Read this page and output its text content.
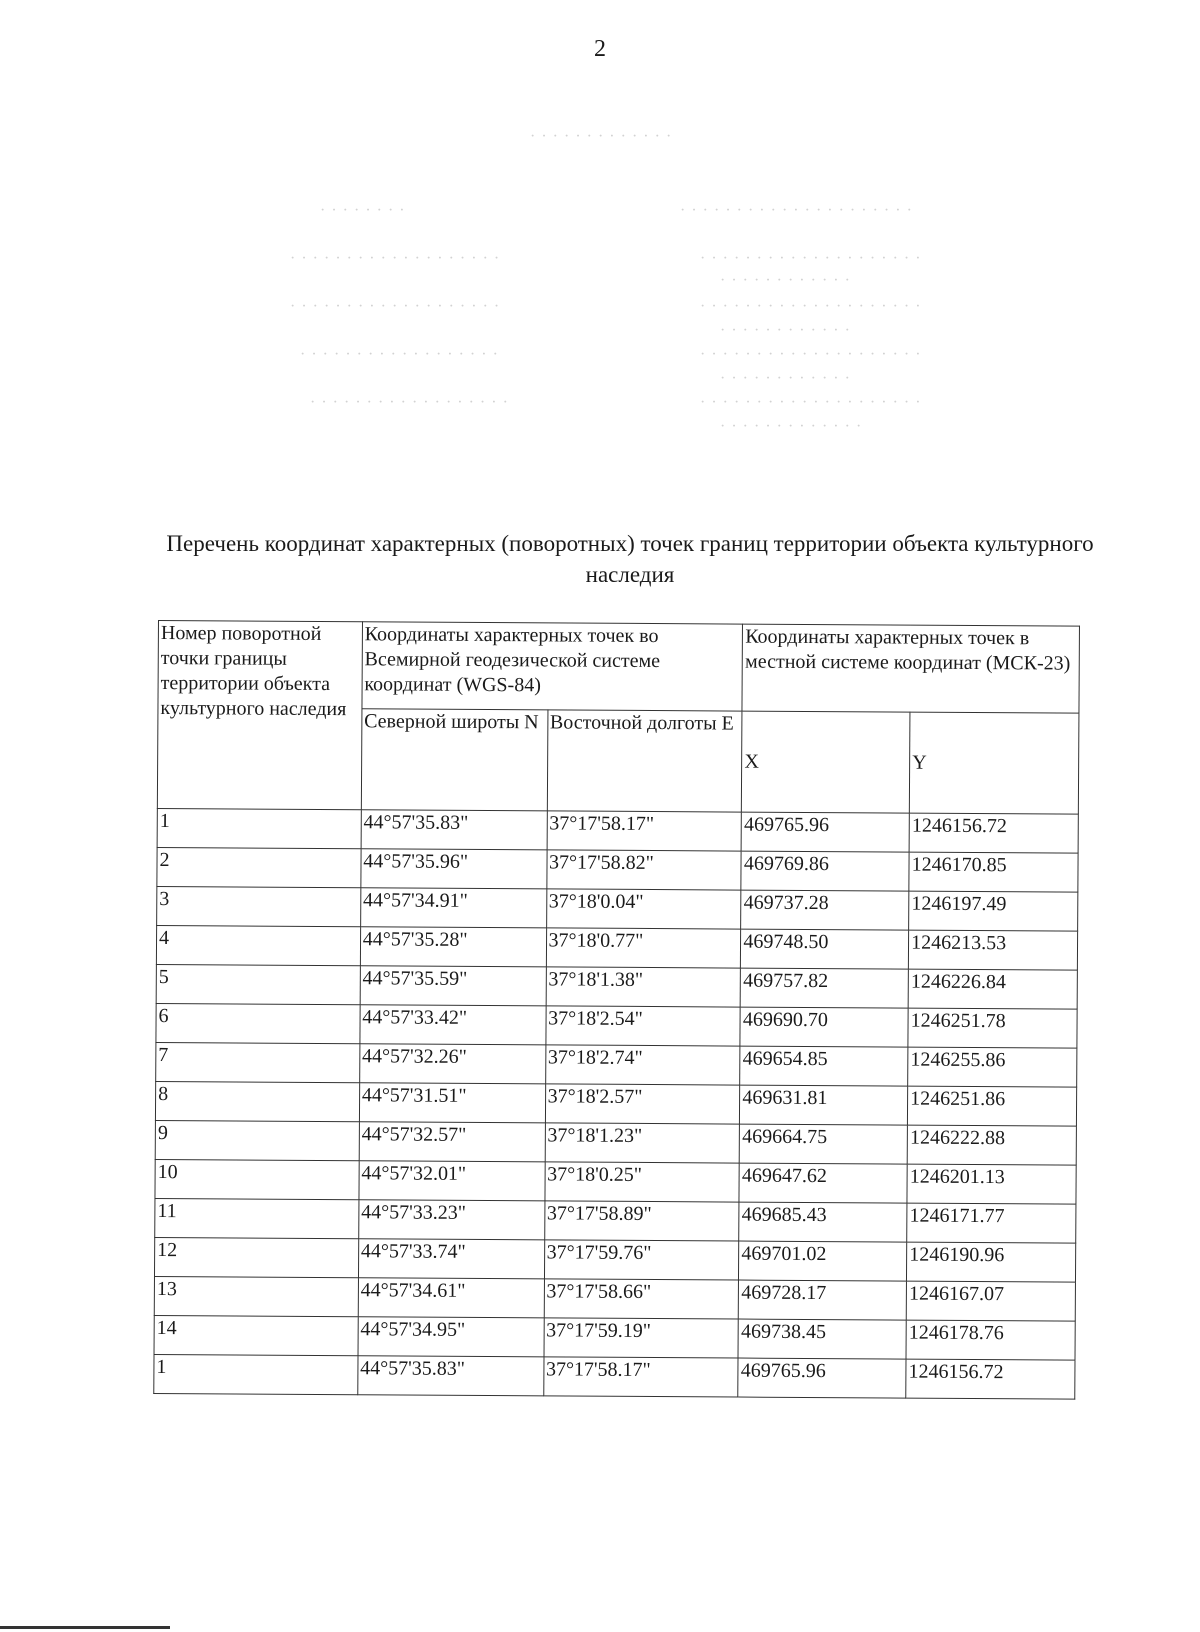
2
· · · · · · · · · · · · ·
· · · · · · · ·	· · · · · · · · · · · · · · · · · · · · ·
· · · · · · · · · · · · · · · · · · ·	· · · · · · · · · · · · · · · · · · · ·
· · · · · · · · · · · ·
· · · · · · · · · · · · · · · · · · ·	· · · · · · · · · · · · · · · · · · · ·
· · · · · · · · · · · ·
· · · · · · · · · · · · · · · · · ·	· · · · · · · · · · · · · · · · · · · ·
· · · · · · · · · · · ·
· · · · · · · · · · · · · · · · · ·	· · · · · · · · · · · · · · · · · · · ·
· · · · · · · · · · · · ·
Перечень координат характерных (поворотных) точек границ территории объекта культурного наследия
Номер поворотной точки границы территории объекта культурного наследия	Координаты характерных точек во Всемирной геодезической системе координат (WGS-84)		Координаты характерных точек в местной системе координат (МСК-23)	
	Северной широты N	Восточной долготы E	X	Y
1	44°57'35.83"	37°17'58.17"	469765.96	1246156.72
2	44°57'35.96"	37°17'58.82"	469769.86	1246170.85
3	44°57'34.91"	37°18'0.04"	469737.28	1246197.49
4	44°57'35.28"	37°18'0.77"	469748.50	1246213.53
5	44°57'35.59"	37°18'1.38"	469757.82	1246226.84
6	44°57'33.42"	37°18'2.54"	469690.70	1246251.78
7	44°57'32.26"	37°18'2.74"	469654.85	1246255.86
8	44°57'31.51"	37°18'2.57"	469631.81	1246251.86
9	44°57'32.57"	37°18'1.23"	469664.75	1246222.88
10	44°57'32.01"	37°18'0.25"	469647.62	1246201.13
11	44°57'33.23"	37°17'58.89"	469685.43	1246171.77
12	44°57'33.74"	37°17'59.76"	469701.02	1246190.96
13	44°57'34.61"	37°17'58.66"	469728.17	1246167.07
14	44°57'34.95"	37°17'59.19"	469738.45	1246178.76
1	44°57'35.83"	37°17'58.17"	469765.96	1246156.72
